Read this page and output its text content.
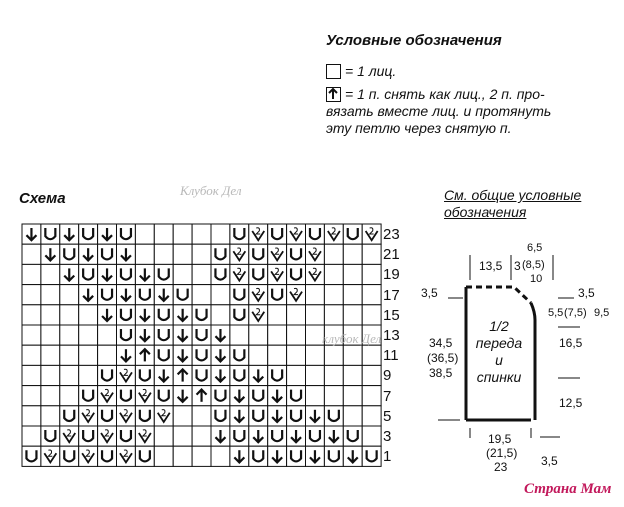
Условные обозначения
= 1 лиц.
= 1 п. снять как лиц., 2 п. про-
вязать вместе лиц. и протянуть
эту петлю через снятую п.
Схема	Клубок Дел
клубок Дел
23
21
19
17
15
13
11
9
7
5
3
1
См. общие условные
обозначения
1/2
переда
и
спинки
13,5 3 (8,5)
6,5
10
3,5
34,5
(36,5)
38,5
3,5
5,5 (7,5) 9,5
16,5
12,5
19,5
(21,5)
23	3,5
Страна Мам
